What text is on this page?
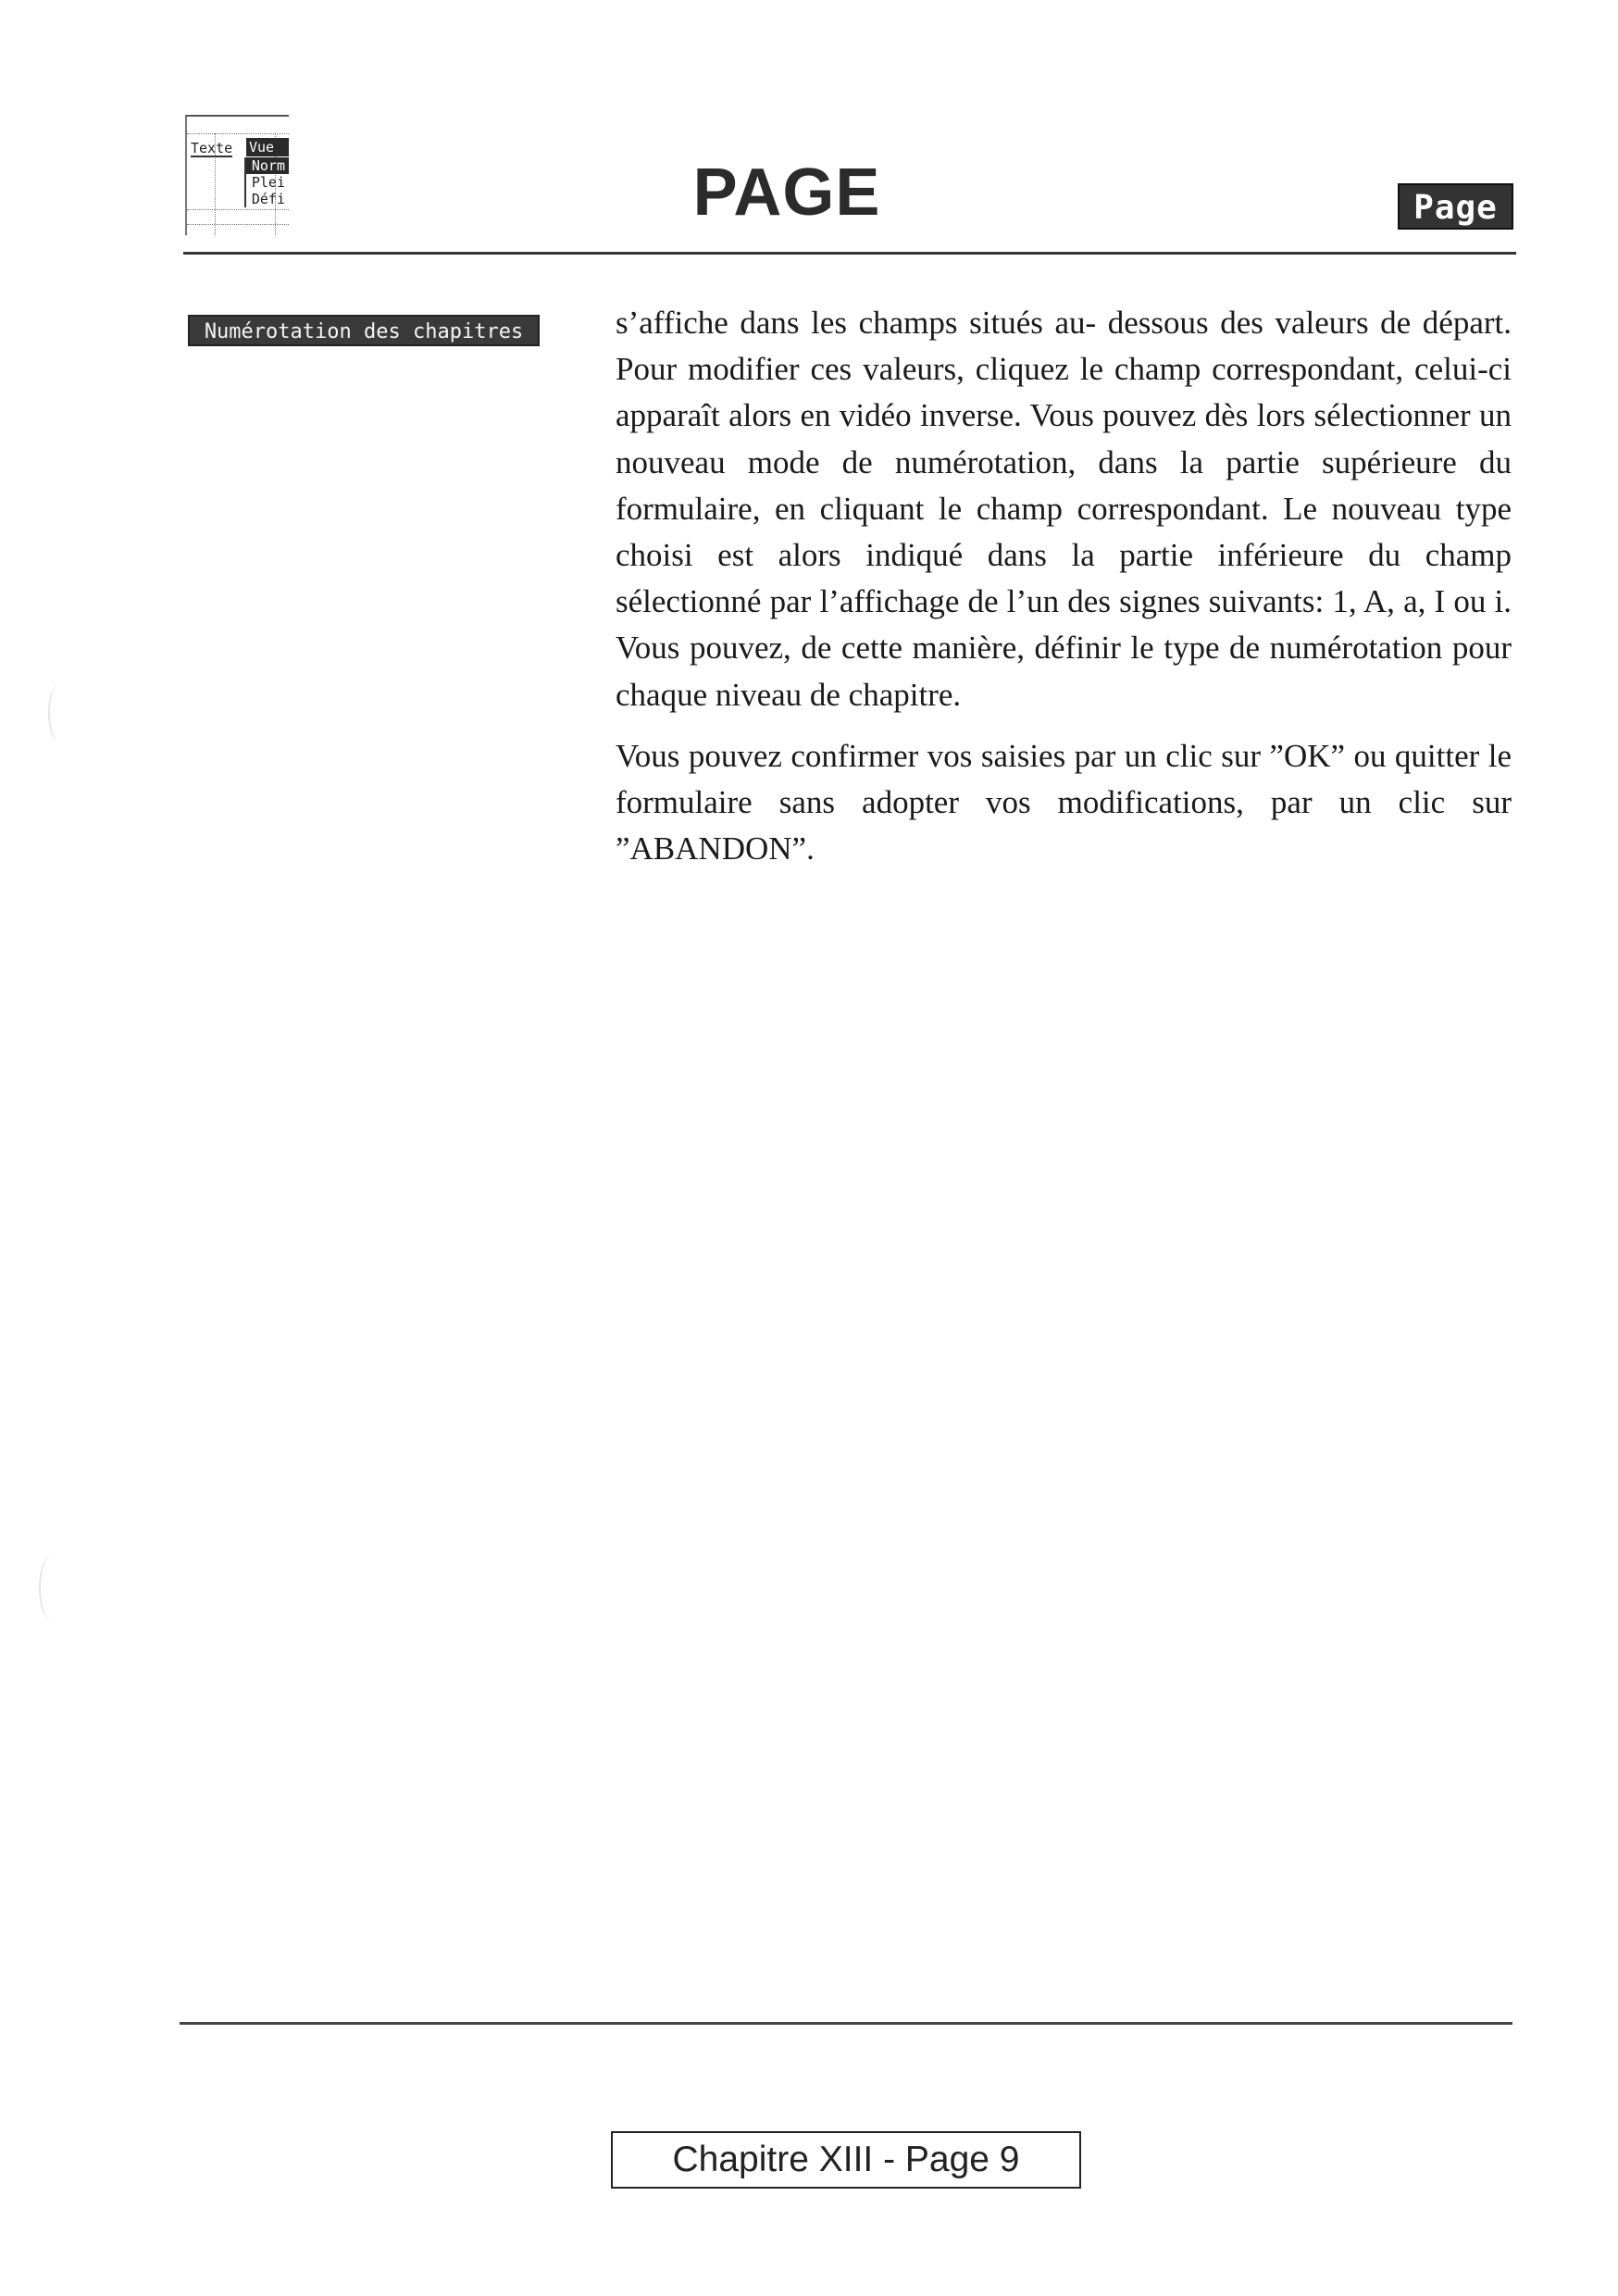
Texte Vue
Norm
Plei
Défi	PAGE	Page
Numérotation des chapitres	s’affiche dans les champs situés au- dessous des valeurs de départ. Pour modifier ces valeurs, cliquez le champ correspondant, celui-ci apparaît alors en vidéo inverse. Vous pouvez dès lors sélectionner un nouveau mode de numérotation, dans la partie supérieure du formulaire, en cliquant le champ correspondant. Le nouveau type choisi est alors indiqué dans la partie inférieure du champ sélectionné par l’affichage de l’un des signes suivants: 1, A, a, I ou i. Vous pouvez, de cette manière, définir le type de numérotation pour chaque niveau de chapitre.

Vous pouvez confirmer vos saisies par un clic sur ”OK” ou quitter le formulaire sans adopter vos modifications, par un clic sur ”ABANDON”.

Chapitre XIII - Page 9
